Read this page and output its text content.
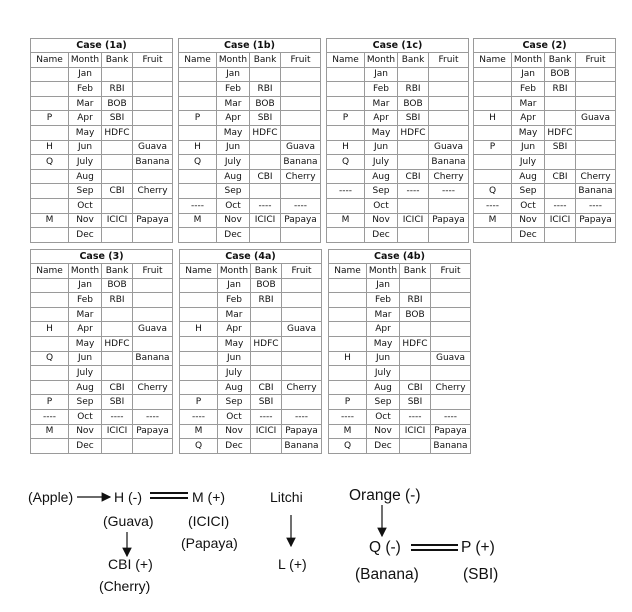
Case (1a)
Name	Month	Bank	Fruit
	Jan		
	Feb	RBI	
	Mar	BOB	
P	Apr	SBI	
	May	HDFC	
H	Jun		Guava
Q	July		Banana
	Aug		
	Sep	CBI	Cherry
	Oct		
M	Nov	ICICI	Papaya
	Dec		
Case (1b)
Name	Month	Bank	Fruit
	Jan		
	Feb	RBI	
	Mar	BOB	
P	Apr	SBI	
	May	HDFC	
H	Jun		Guava
Q	July		Banana
	Aug	CBI	Cherry
	Sep		
----	Oct	----	----
M	Nov	ICICI	Papaya
	Dec		
Case (1c)
Name	Month	Bank	Fruit
	Jan		
	Feb	RBI	
	Mar	BOB	
P	Apr	SBI	
	May	HDFC	
H	Jun		Guava
Q	July		Banana
	Aug	CBI	Cherry
----	Sep	----	----
	Oct		
M	Nov	ICICI	Papaya
	Dec		
Case (2)
Name	Month	Bank	Fruit
	Jan	BOB	
	Feb	RBI	
	Mar		
H	Apr		Guava
	May	HDFC	
P	Jun	SBI	
	July		
	Aug	CBI	Cherry
Q	Sep		Banana
----	Oct	----	----
M	Nov	ICICI	Papaya
	Dec		
Case (3)
Name	Month	Bank	Fruit
	Jan	BOB	
	Feb	RBI	
	Mar		
H	Apr		Guava
	May	HDFC	
Q	Jun		Banana
	July		
	Aug	CBI	Cherry
P	Sep	SBI	
----	Oct	----	----
M	Nov	ICICI	Papaya
	Dec		
Case (4a)
Name	Month	Bank	Fruit
	Jan	BOB	
	Feb	RBI	
	Mar		
H	Apr		Guava
	May	HDFC	
	Jun		
	July		
	Aug	CBI	Cherry
P	Sep	SBI	
----	Oct	----	----
M	Nov	ICICI	Papaya
Q	Dec		Banana
Case (4b)
Name	Month	Bank	Fruit
	Jan		
	Feb	RBI	
	Mar	BOB	
	Apr		
	May	HDFC	
H	Jun		Guava
	July		
	Aug	CBI	Cherry
P	Sep	SBI	
----	Oct	----	----
M	Nov	ICICI	Papaya
Q	Dec		Banana
(Apple)	H (-)	M (+)
(Guava) (ICICI)
(Papaya)
CBI (+)
(Cherry)
Litchi
L (+)
Orange (-)
Q (-)	P (+)
(Banana)	(SBI)
